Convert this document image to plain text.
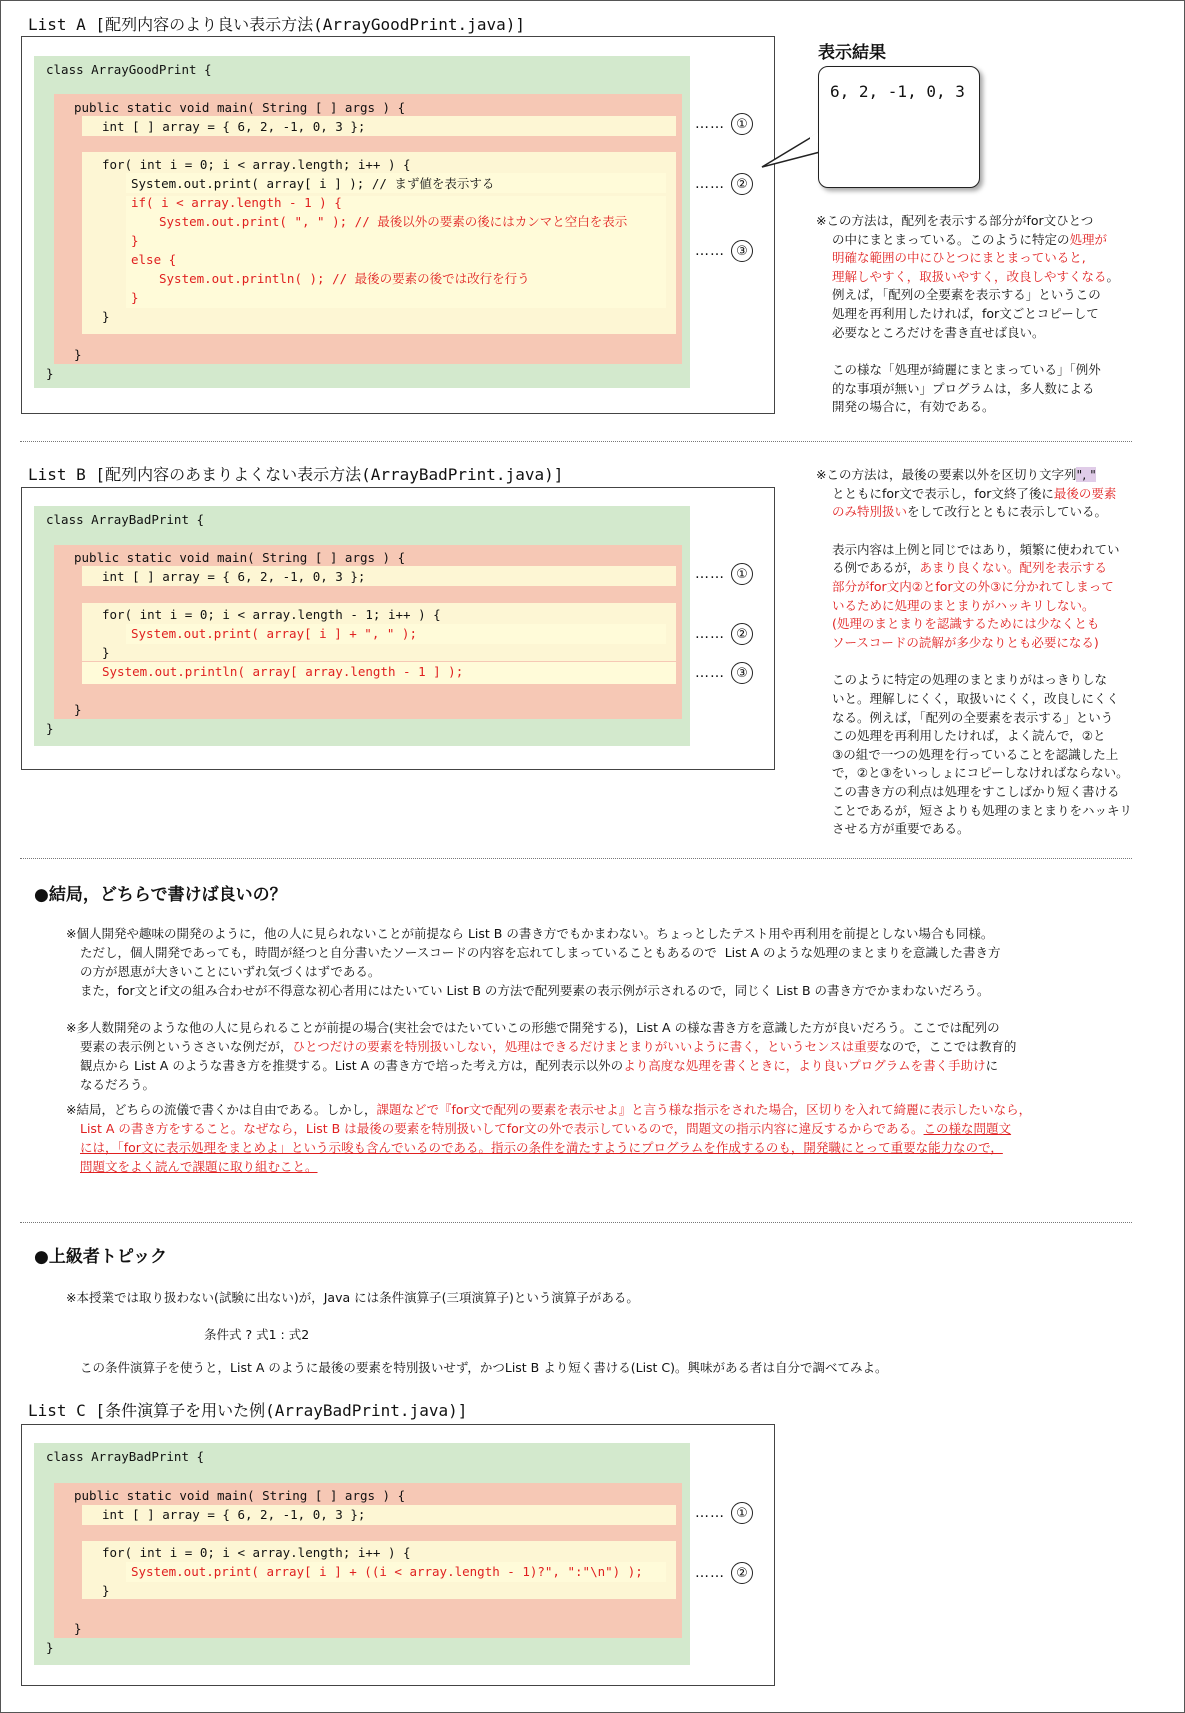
List A [配列内容のより良い表示方法(ArrayGoodPrint.java)]
class ArrayGoodPrint {
public static void main( String [ ] args ) {
int [ ] array = { 6, 2, -1, 0, 3 };
for( int i = 0; i < array.length; i++ ) {
System.out.print( array[ i ] ); // まず値を表示する
if( i < array.length - 1 ) {
System.out.print( ", " ); // 最後以外の要素の後にはカンマと空白を表示
}
else {
System.out.println( ); // 最後の要素の後では改行を行う
}
}
}
}
…… ①
…… ②
…… ③
表示結果
6, 2, -1, 0, 3
※この方法は，配列を表示する部分がfor文ひとつ
の中にまとまっている。このように特定の処理が
明確な範囲の中にひとつにまとまっていると,
理解しやすく，取扱いやすく，改良しやすくなる。
例えば，「配列の全要素を表示する」というこの
処理を再利用したければ，for文ごとコピーして
必要なところだけを書き直せば良い。
この様な「処理が綺麗にまとまっている」「例外
的な事項が無い」プログラムは，多人数による
開発の場合に，有効である。
List B [配列内容のあまりよくない表示方法(ArrayBadPrint.java)]
class ArrayBadPrint {
public static void main( String [ ] args ) {
int [ ] array = { 6, 2, -1, 0, 3 };
for( int i = 0; i < array.length - 1; i++ ) {
System.out.print( array[ i ] + ", " );
}
System.out.println( array[ array.length - 1 ] );
}
}
…… ①
…… ②
…… ③
※この方法は，最後の要素以外を区切り文字列", "
とともにfor文で表示し，for文終了後に最後の要素
のみ特別扱いをして改行とともに表示している。
表示内容は上例と同じではあり，頻繁に使われてい
る例であるが，あまり良くない。配列を表示する
部分がfor文内②とfor文の外③に分かれてしまって
いるために処理のまとまりがハッキリしない。
(処理のまとまりを認識するためには少なくとも
ソースコードの読解が多少なりとも必要になる)
このように特定の処理のまとまりがはっきりしな
いと。理解しにくく，取扱いにくく，改良しにくく
なる。例えば，「配列の全要素を表示する」という
この処理を再利用したければ，よく読んで，②と
③の組で一つの処理を行っていることを認識した上
で，②と③をいっしょにコピーしなければならない。
この書き方の利点は処理をすこしばかり短く書ける
ことであるが，短さよりも処理のまとまりをハッキリ
させる方が重要である。
●結局，どちらで書けば良いの？
※個人開発や趣味の開発のように，他の人に見られないことが前提なら List B の書き方でもかまわない。ちょっとしたテスト用や再利用を前提としない場合も同様。
ただし，個人開発であっても，時間が経つと自分書いたソースコードの内容を忘れてしまっていることもあるので  List A のような処理のまとまりを意識した書き方
の方が恩恵が大きいことにいずれ気づくはずである。
また，for文とif文の組み合わせが不得意な初心者用にはたいてい List B の方法で配列要素の表示例が示されるので，同じく List B の書き方でかまわないだろう。
※多人数開発のような他の人に見られることが前提の場合(実社会ではたいていこの形態で開発する)，List A の様な書き方を意識した方が良いだろう。ここでは配列の
要素の表示例というささいな例だが，ひとつだけの要素を特別扱いしない，処理はできるだけまとまりがいいように書く，というセンスは重要なので，ここでは教育的
観点から List A のような書き方を推奨する。List A の書き方で培った考え方は，配列表示以外のより高度な処理を書くときに，より良いプログラムを書く手助けに
なるだろう。
※結局，どちらの流儀で書くかは自由である。しかし，課題などで『for文で配列の要素を表示せよ』と言う様な指示をされた場合，区切りを入れて綺麗に表示したいなら，
List A の書き方をすること。なぜなら，List B は最後の要素を特別扱いしてfor文の外で表示しているので，問題文の指示内容に違反するからである。この様な問題文
には，「for文に表示処理をまとめよ」という示唆も含んでいるのである。指示の条件を満たすようにプログラムを作成するのも，開発職にとって重要な能力なので，
問題文をよく読んで課題に取り組むこと。
●上級者トピック
※本授業では取り扱わない(試験に出ない)が，Java には条件演算子(三項演算子)という演算子がある。
条件式 ? 式1 : 式2
この条件演算子を使うと，List A のように最後の要素を特別扱いせず，かつList B より短く書ける(List C)。興味がある者は自分で調べてみよ。
List C [条件演算子を用いた例(ArrayBadPrint.java)]
class ArrayBadPrint {
public static void main( String [ ] args ) {
int [ ] array = { 6, 2, -1, 0, 3 };
for( int i = 0; i < array.length; i++ ) {
System.out.print( array[ i ] + ((i < array.length - 1)?", ":"\n") );
}
}
}
…… ①
…… ②
